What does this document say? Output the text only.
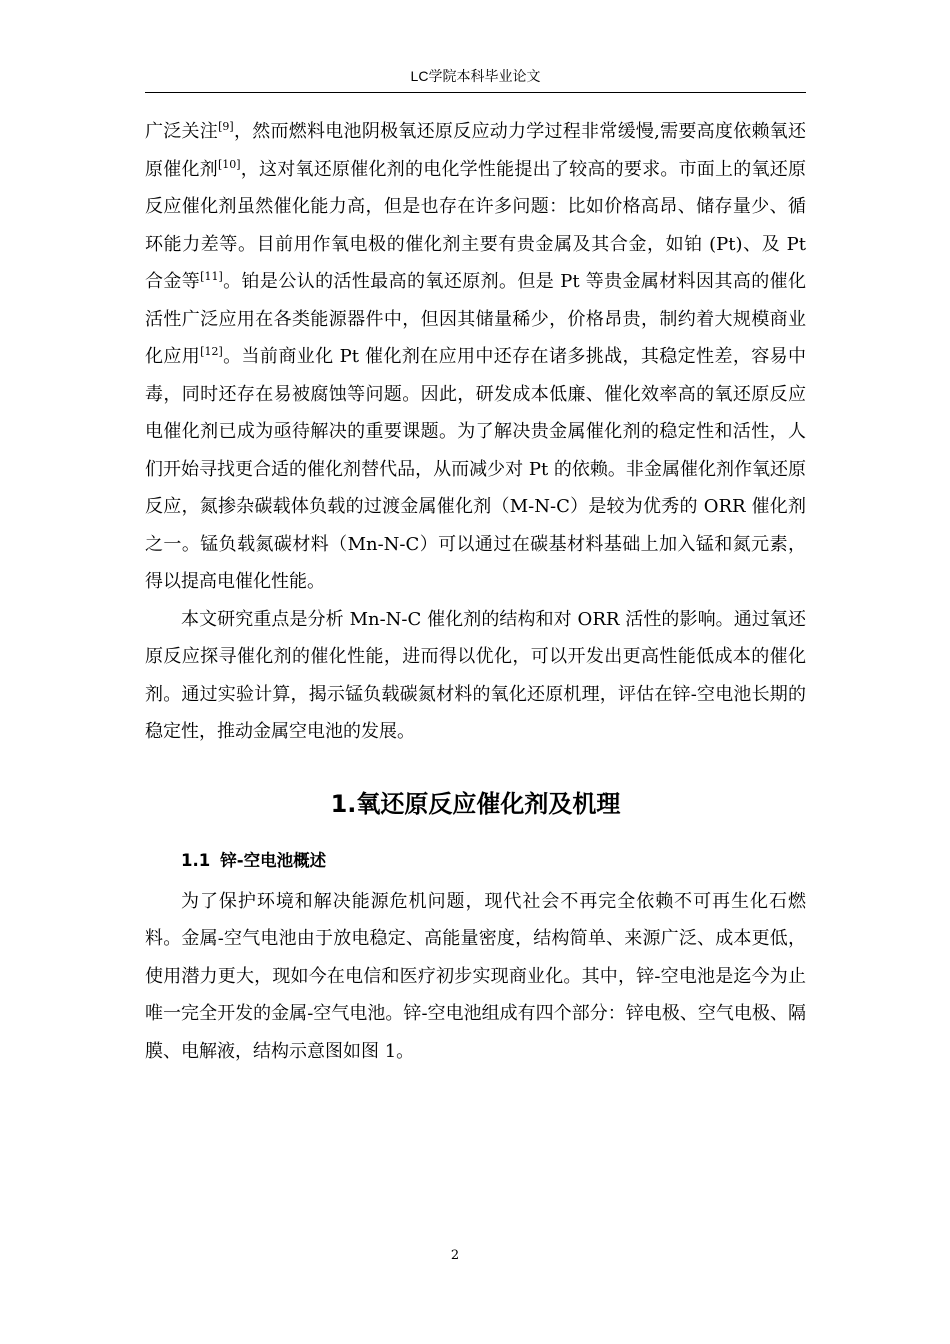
LC学院本科毕业论文

广泛关注[9]，然而燃料电池阴极氧还原反应动力学过程非常缓慢,需要高度依赖氧还原催化剂[10]，这对氧还原催化剂的电化学性能提出了较高的要求。市面上的氧还原反应催化剂虽然催化能力高，但是也存在许多问题：比如价格高昂、储存量少、循环能力差等。目前用作氧电极的催化剂主要有贵金属及其合金，如铂 (Pt)、及 Pt 合金等[11]。铂是公认的活性最高的氧还原剂。但是 Pt 等贵金属材料因其高的催化活性广泛应用在各类能源器件中，但因其储量稀少，价格昂贵，制约着大规模商业化应用[12]。当前商业化 Pt 催化剂在应用中还存在诸多挑战，其稳定性差，容易中毒，同时还存在易被腐蚀等问题。因此，研发成本低廉、催化效率高的氧还原反应电催化剂已成为亟待解决的重要课题。为了解决贵金属催化剂的稳定性和活性，人们开始寻找更合适的催化剂替代品，从而减少对 Pt 的依赖。非金属催化剂作氧还原反应，氮掺杂碳载体负载的过渡金属催化剂（M-N-C）是较为优秀的 ORR 催化剂之一。锰负载氮碳材料（Mn-N-C）可以通过在碳基材料基础上加入锰和氮元素，得以提高电催化性能。

本文研究重点是分析 Mn-N-C 催化剂的结构和对 ORR 活性的影响。通过氧还原反应探寻催化剂的催化性能，进而得以优化，可以开发出更高性能低成本的催化剂。通过实验计算，揭示锰负载碳氮材料的氧化还原机理，评估在锌-空电池长期的稳定性，推动金属空电池的发展。

1.氧还原反应催化剂及机理
1.1 锌-空电池概述

为了保护环境和解决能源危机问题，现代社会不再完全依赖不可再生化石燃料。金属-空气电池由于放电稳定、高能量密度，结构简单、来源广泛、成本更低，使用潜力更大，现如今在电信和医疗初步实现商业化。其中，锌-空电池是迄今为止唯一完全开发的金属-空气电池。锌-空电池组成有四个部分：锌电极、空气电极、隔膜、电解液，结构示意图如图 1。

2
